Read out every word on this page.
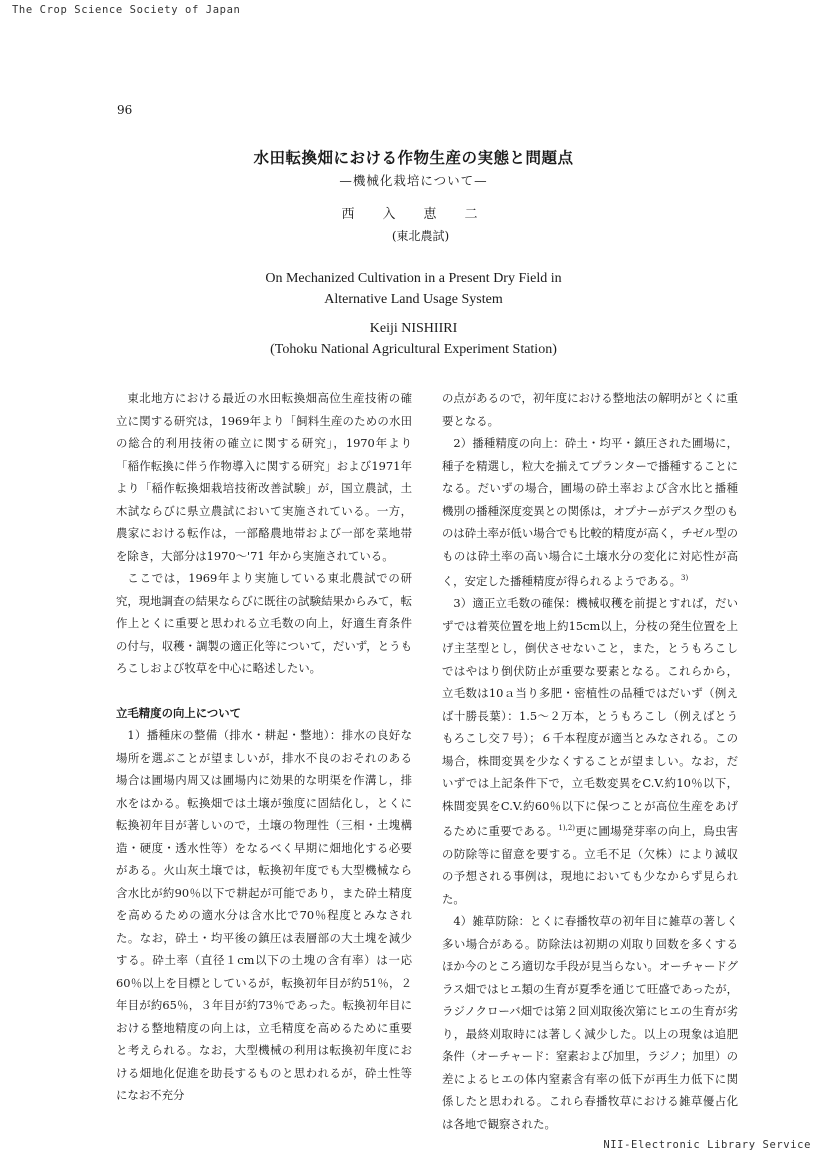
The Crop Science Society of Japan
96
水田転換畑における作物生産の実態と問題点
—機械化栽培について—
西入恵二
(東北農試)
On Mechanized Cultivation in a Present Dry Field in
Alternative Land Usage System
Keiji NISHIIRI
(Tohoku National Agricultural Experiment Station)

東北地方における最近の水田転換畑高位生産技術の確立に関する研究は，1969年より「飼料生産のための水田の総合的利用技術の確立に関する研究」，1970年より「稲作転換に伴う作物導入に関する研究」および1971年より「稲作転換畑栽培技術改善試験」が，国立農試，土木試ならびに県立農試において実施されている。一方，農家における転作は，一部酪農地帯および一部を菜地帯を除き，大部分は1970～'71 年から実施されている。

ここでは，1969年より実施している東北農試での研究，現地調査の結果ならびに既往の試験結果からみて，転作上とくに重要と思われる立毛数の向上，好適生育条件の付与，収穫・調製の適正化等について，だいず，とうもろこしおよび牧草を中心に略述したい。

立毛精度の向上について

1）播種床の整備（排水・耕起・整地）：排水の良好な場所を選ぶことが望ましいが，排水不良のおそれのある場合は圃場内周又は圃場内に効果的な明渠を作溝し，排水をはかる。転換畑では土壌が強度に固結化し，とくに転換初年目が著しいので，土壌の物理性（三相・土塊構造・硬度・透水性等）をなるべく早期に畑地化する必要がある。火山灰土壌では，転換初年度でも大型機械なら含水比が約90％以下で耕起が可能であり，また砕土精度を高めるための適水分は含水比で70％程度とみなされた。なお，砕土・均平後の鎮圧は表層部の大土塊を減少する。砕土率（直径１cm以下の土塊の含有率）は一応60％以上を目標としているが，転換初年目が約51％，２年目が約65％，３年目が約73％であった。転換初年目における整地精度の向上は，立毛精度を高めるために重要と考えられる。なお，大型機械の利用は転換初年度における畑地化促進を助長するものと思われるが，砕土性等になお不充分

の点があるので，初年度における整地法の解明がとくに重要となる。

2）播種精度の向上：砕土・均平・鎮圧された圃場に，種子を精選し，粒大を揃えてプランターで播種することになる。だいずの場合，圃場の砕土率および含水比と播種機別の播種深度変異との関係は，オプナーがデスク型のものは砕土率が低い場合でも比較的精度が高く，チゼル型のものは砕土率の高い場合に土壌水分の変化に対応性が高く，安定した播種精度が得られるようである。$^{3)}$

3）適正立毛数の確保：機械収穫を前提とすれば，だいずでは着莢位置を地上約15cm以上，分枝の発生位置を上げ主茎型とし，倒伏させないこと，また，とうもろこしではやはり倒伏防止が重要な要素となる。これらから，立毛数は10ａ当り多肥・密植性の品種ではだいず（例えば十勝長葉）：1.5～２万本，とうもろこし（例えばとうもろこし交７号）；６千本程度が適当とみなされる。この場合，株間変異を少なくすることが望ましい。なお，だいずでは上記条件下で，立毛数変異をC.V.約10％以下，株間変異をC.V.約60％以下に保つことが高位生産をあげるために重要である。$^{1),2)}$更に圃場発芽率の向上，鳥虫害の防除等に留意を要する。立毛不足（欠株）により減収の予想される事例は，現地においても少なからず見られた。

4）雑草防除：とくに春播牧草の初年目に雑草の著しく多い場合がある。防除法は初期の刈取り回数を多くするほか今のところ適切な手段が見当らない。オーチャードグラス畑ではヒエ類の生育が夏季を通じて旺盛であったが，ラジノクローバ畑では第２回刈取後次第にヒエの生育が劣り，最終刈取時には著しく減少した。以上の現象は追肥条件（オーチャード：窒素および加里，ラジノ；加里）の差によるヒエの体内窒素含有率の低下が再生力低下に関係したと思われる。これら春播牧草における雑草優占化は各地で観察された。

NII-Electronic Library Service
